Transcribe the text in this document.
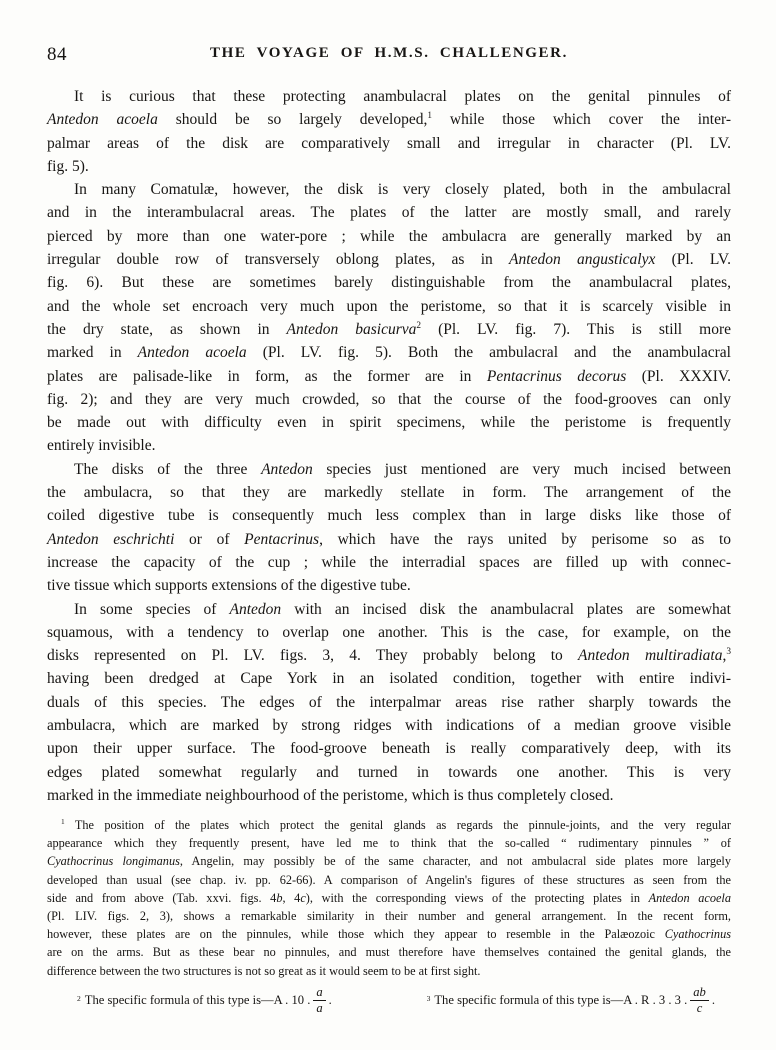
84	THE VOYAGE OF H.M.S. CHALLENGER.
It is curious that these protecting anambulacral plates on the genital pinnules of
Antedon acoela should be so largely developed,$^1$ while those which cover the inter-
palmar areas of the disk are comparatively small and irregular in character (Pl. LV.
fig. 5).
In many Comatulæ, however, the disk is very closely plated, both in the ambulacral
and in the interambulacral areas. The plates of the latter are mostly small, and rarely
pierced by more than one water-pore ; while the ambulacra are generally marked by an
irregular double row of transversely oblong plates, as in Antedon angusticalyx (Pl. LV.
fig. 6). But these are sometimes barely distinguishable from the anambulacral plates,
and the whole set encroach very much upon the peristome, so that it is scarcely visible in
the dry state, as shown in Antedon basicurva$^2$ (Pl. LV. fig. 7). This is still more
marked in Antedon acoela (Pl. LV. fig. 5). Both the ambulacral and the anambulacral
plates are palisade-like in form, as the former are in Pentacrinus decorus (Pl. XXXIV.
fig. 2); and they are very much crowded, so that the course of the food-grooves can only
be made out with difficulty even in spirit specimens, while the peristome is frequently
entirely invisible.
The disks of the three Antedon species just mentioned are very much incised between
the ambulacra, so that they are markedly stellate in form. The arrangement of the
coiled digestive tube is consequently much less complex than in large disks like those of
Antedon eschrichti or of Pentacrinus, which have the rays united by perisome so as to
increase the capacity of the cup ; while the interradial spaces are filled up with connec-
tive tissue which supports extensions of the digestive tube.
In some species of Antedon with an incised disk the anambulacral plates are somewhat
squamous, with a tendency to overlap one another. This is the case, for example, on the
disks represented on Pl. LV. figs. 3, 4. They probably belong to Antedon multiradiata,$^3$
having been dredged at Cape York in an isolated condition, together with entire indivi-
duals of this species. The edges of the interpalmar areas rise rather sharply towards the
ambulacra, which are marked by strong ridges with indications of a median groove visible
upon their upper surface. The food-groove beneath is really comparatively deep, with its
edges plated somewhat regularly and turned in towards one another. This is very
marked in the immediate neighbourhood of the peristome, which is thus completely closed.
$^1$ The position of the plates which protect the genital glands as regards the pinnule-joints, and the very regular
appearance which they frequently present, have led me to think that the so-called “ rudimentary pinnules ” of
Cyathocrinus longimanus, Angelin, may possibly be of the same character, and not ambulacral side plates more largely
developed than usual (see chap. iv. pp. 62-66). A comparison of Angelin's figures of these structures as seen from the
side and from above (Tab. xxvi. figs. 4b, 4c), with the corresponding views of the protecting plates in Antedon acoela
(Pl. LIV. figs. 2, 3), shows a remarkable similarity in their number and general arrangement. In the recent form,
however, these plates are on the pinnules, while those which they appear to resemble in the Palæozoic Cyathocrinus
are on the arms. But as these bear no pinnules, and must therefore have themselves contained the genital glands, the
difference between the two structures is not so great as it would seem to be at first sight.
$^2$ The specific formula of this type is—A . 10 . $\frac{a}{a}$ .	$^3$ The specific formula of this type is—A . R . 3 . 3 . $\frac{ab}{c}$ .
